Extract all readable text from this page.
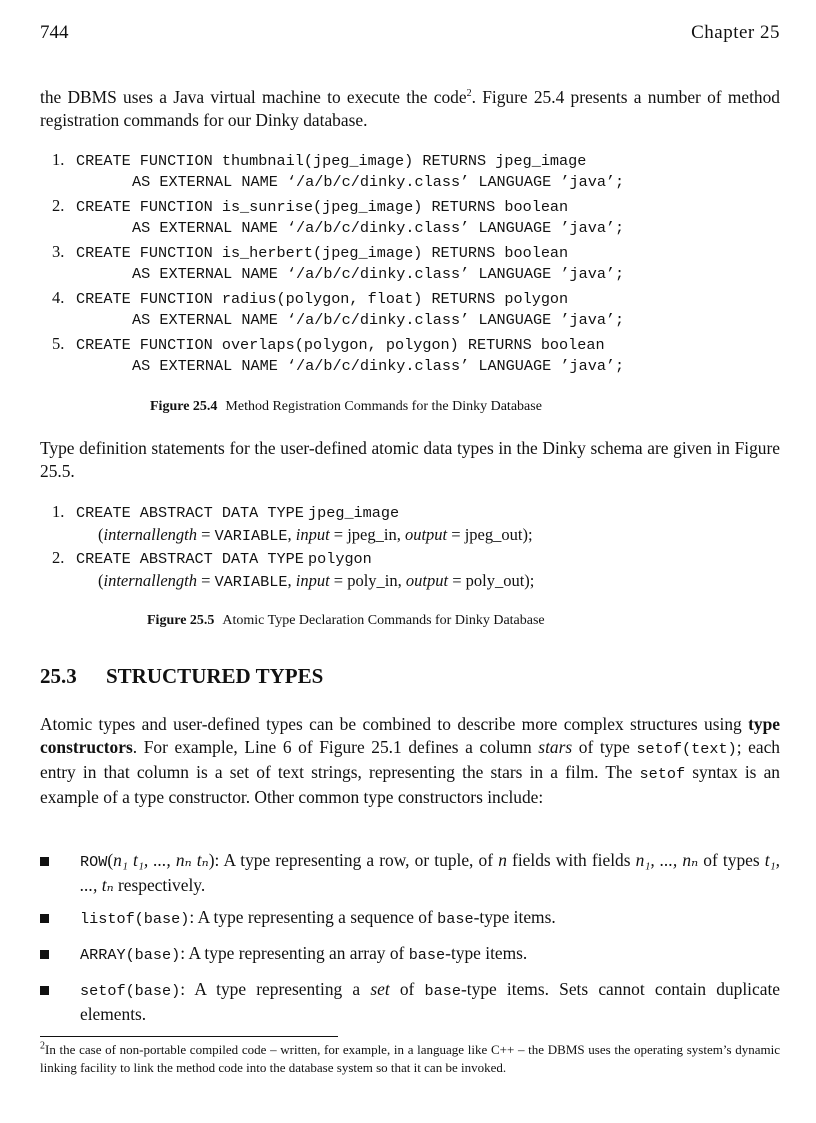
744	Chapter 25

the DBMS uses a Java virtual machine to execute the code$^2$. Figure 25.4 presents a number of method registration commands for our Dinky database.

1. CREATE FUNCTION thumbnail(jpeg_image) RETURNS jpeg_image
AS EXTERNAL NAME ‘/a/b/c/dinky.class’ LANGUAGE ’java’;
2. CREATE FUNCTION is_sunrise(jpeg_image) RETURNS boolean
AS EXTERNAL NAME ‘/a/b/c/dinky.class’ LANGUAGE ’java’;
3. CREATE FUNCTION is_herbert(jpeg_image) RETURNS boolean
AS EXTERNAL NAME ‘/a/b/c/dinky.class’ LANGUAGE ’java’;
4. CREATE FUNCTION radius(polygon, float) RETURNS polygon
AS EXTERNAL NAME ‘/a/b/c/dinky.class’ LANGUAGE ’java’;
5. CREATE FUNCTION overlaps(polygon, polygon) RETURNS boolean
AS EXTERNAL NAME ‘/a/b/c/dinky.class’ LANGUAGE ’java’;
Figure 25.4 Method Registration Commands for the Dinky Database

Type definition statements for the user-defined atomic data types in the Dinky schema are given in Figure 25.5.

1. CREATE ABSTRACT DATA TYPE jpeg_image
(internallength = VARIABLE, input = jpeg_in, output = jpeg_out);
2. CREATE ABSTRACT DATA TYPE polygon
(internallength = VARIABLE, input = poly_in, output = poly_out);
Figure 25.5 Atomic Type Declaration Commands for Dinky Database
25.3 STRUCTURED TYPES

Atomic types and user-defined types can be combined to describe more complex structures using type constructors. For example, Line 6 of Figure 25.1 defines a column stars of type setof(text); each entry in that column is a set of text strings, representing the stars in a film. The setof syntax is an example of a type constructor. Other common type constructors include:

ROW(n₁ t₁, ..., nₙ tₙ): A type representing a row, or tuple, of n fields with fields n₁, ..., nₙ of types t₁, ..., tₙ respectively.
listof(base): A type representing a sequence of base-type items.
ARRAY(base): A type representing an array of base-type items.
setof(base): A type representing a set of base-type items. Sets cannot contain duplicate elements.
$^2$In the case of non-portable compiled code – written, for example, in a language like C++ – the DBMS uses the operating system’s dynamic linking facility to link the method code into the database system so that it can be invoked.
